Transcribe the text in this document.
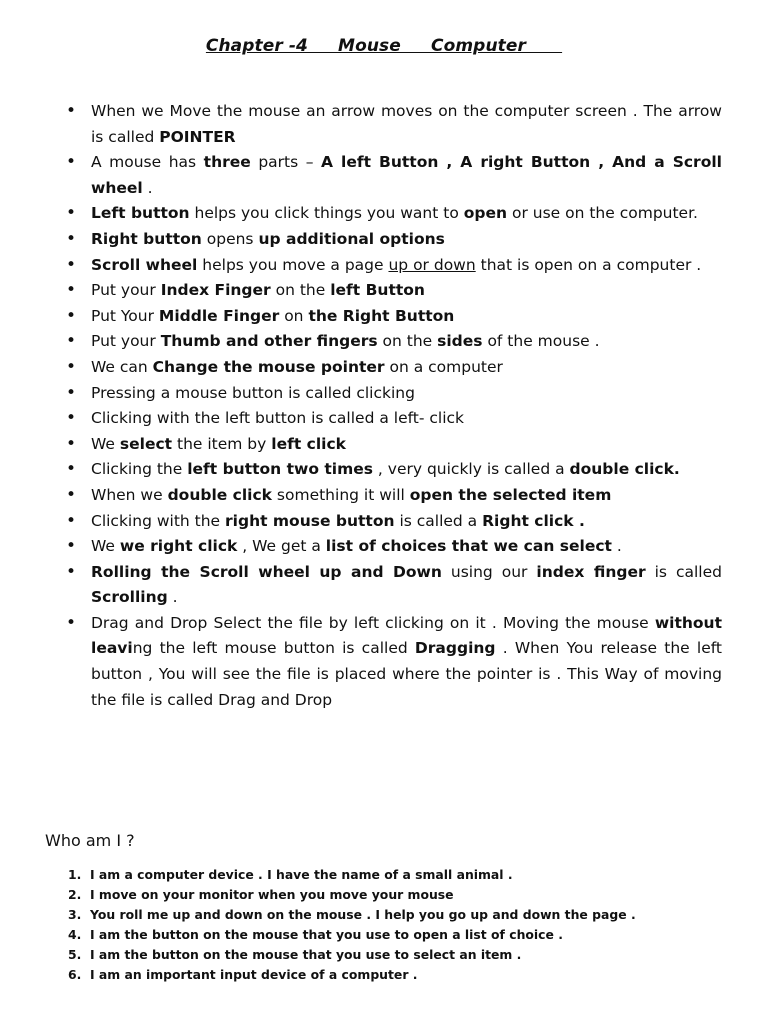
Chapter -4     Mouse     Computer
• When we Move the mouse an arrow moves on the computer screen . The arrow is called POINTER
• A mouse has three parts – A left Button , A right Button , And a Scroll wheel .
• Left button helps you click things you want to open or use on the computer.
• Right button opens up additional options
• Scroll wheel helps you move a page up or down that is open on a computer .
• Put your Index Finger on the left Button
• Put Your Middle Finger on the Right Button
• Put your Thumb and other fingers on the sides of the mouse .
• We can Change the mouse pointer on a computer
• Pressing a mouse button is called clicking
• Clicking with the left button is called a left- click
• We select the item by left click
• Clicking the left button two times , very quickly is called a double click.
• When we double click something it will open the selected item
• Clicking with the right mouse button is called a Right click .
• We we right click , We get a list of choices that we can select .
• Rolling the Scroll wheel up and Down using our index finger is called Scrolling .
• Drag and Drop Select the file by left clicking on it . Moving the mouse without leaving the left mouse button is called Dragging . When You release the left button , You will see the file is placed where the pointer is . This Way of moving the file is called Drag and Drop
Who am I ?
1. I am a computer device . I have the name of a small animal .
2. I move on your monitor when you move your mouse
3. You roll me up and down on the mouse . I help you go up and down the page .
4. I am the button on the mouse that you use to open a list of choice .
5. I am the button on the mouse that you use to select an item .
6. I am an important input device of a computer .
